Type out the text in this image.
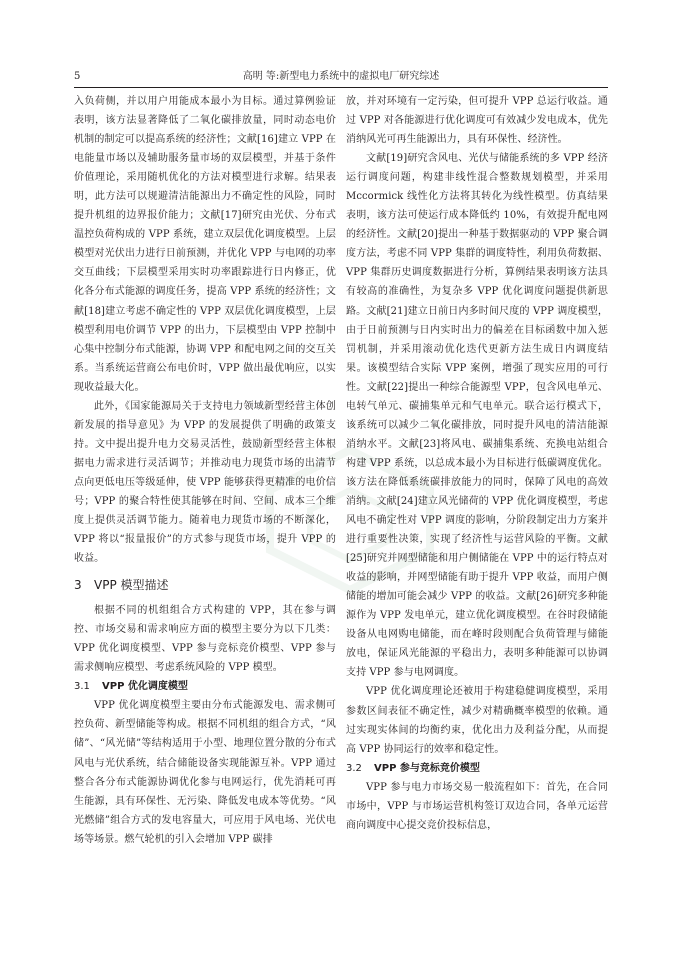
5	高明 等:新型电力系统中的虚拟电厂研究综述

入负荷侧，并以用户用能成本最小为目标。通过算例验证表明，该方法显著降低了二氧化碳排放量，同时动态电价机制的制定可以提高系统的经济性；文献[16]建立 VPP 在电能量市场以及辅助服务量市场的双层模型，并基于条件价值理论，采用随机优化的方法对模型进行求解。结果表明，此方法可以规避清洁能源出力不确定性的风险，同时提升机组的边界报价能力；文献[17]研究由光伏、分布式温控负荷构成的 VPP 系统，建立双层优化调度模型。上层模型对光伏出力进行日前预测，并优化 VPP 与电网的功率交互曲线；下层模型采用实时功率跟踪进行日内修正，优化各分布式能源的调度任务，提高 VPP 系统的经济性；文献[18]建立考虑不确定性的 VPP 双层优化调度模型，上层模型利用电价调节 VPP 的出力，下层模型由 VPP 控制中心集中控制分布式能源，协调 VPP 和配电网之间的交互关系。当系统运营商公布电价时，VPP 做出最优响应，以实现收益最大化。

此外，《国家能源局关于支持电力领域新型经营主体创新发展的指导意见》为 VPP 的发展提供了明确的政策支持。文中提出提升电力交易灵活性，鼓励新型经营主体根据电力需求进行灵活调节；并推动电力现货市场的出清节点向更低电压等级延伸，使 VPP 能够获得更精准的电价信号；VPP 的聚合特性使其能够在时间、空间、成本三个维度上提供灵活调节能力。随着电力现货市场的不断深化，VPP 将以“报量报价”的方式参与现货市场，提升 VPP 的收益。

3 VPP 模型描述

根据不同的机组组合方式构建的 VPP，其在参与调控、市场交易和需求响应方面的模型主要分为以下几类：VPP 优化调度模型、VPP 参与竞标竞价模型、VPP 参与需求侧响应模型、考虑系统风险的 VPP 模型。

3.1 VPP 优化调度模型

VPP 优化调度模型主要由分布式能源发电、需求侧可控负荷、新型储能等构成。根据不同机组的组合方式，“风储”、“风光储”等结构适用于小型、地理位置分散的分布式风电与光伏系统，结合储能设备实现能源互补。VPP 通过整合各分布式能源协调优化参与电网运行，优先消耗可再生能源，具有环保性、无污染、降低发电成本等优势。“风光燃储”组合方式的发电容量大，可应用于风电场、光伏电场等场景。燃气轮机的引入会增加 VPP 碳排

放，并对环境有一定污染，但可提升 VPP 总运行收益。通过 VPP 对各能源进行优化调度可有效减少发电成本，优先消纳风光可再生能源出力，具有环保性、经济性。

文献[19]研究含风电、光伏与储能系统的多 VPP 经济运行调度问题，构建非线性混合整数规划模型，并采用 Mccormick 线性化方法将其转化为线性模型。仿真结果表明，该方法可使运行成本降低约 10%，有效提升配电网的经济性。文献[20]提出一种基于数据驱动的 VPP 聚合调度方法，考虑不同 VPP 集群的调度特性，利用负荷数据、VPP 集群历史调度数据进行分析，算例结果表明该方法具有较高的准确性，为复杂多 VPP 优化调度问题提供新思路。文献[21]建立日前日内多时间尺度的 VPP 调度模型，由于日前预测与日内实时出力的偏差在目标函数中加入惩罚机制，并采用滚动优化迭代更新方法生成日内调度结果。该模型结合实际 VPP 案例，增强了现实应用的可行性。文献[22]提出一种综合能源型 VPP，包含风电单元、电转气单元、碳捕集单元和气电单元。联合运行模式下，该系统可以减少二氧化碳排放，同时提升风电的清洁能源消纳水平。文献[23]将风电、碳捕集系统、充换电站组合构建 VPP 系统，以总成本最小为目标进行低碳调度优化。该方法在降低系统碳排放能力的同时，保障了风电的高效消纳。文献[24]建立风光储荷的 VPP 优化调度模型，考虑风电不确定性对 VPP 调度的影响，分阶段制定出力方案并进行重要性决策，实现了经济性与运营风险的平衡。文献[25]研究并网型储能和用户侧储能在 VPP 中的运行特点对收益的影响，并网型储能有助于提升 VPP 收益，而用户侧储能的增加可能会减少 VPP 的收益。文献[26]研究多种能源作为 VPP 发电单元，建立优化调度模型。在谷时段储能设备从电网购电储能，而在峰时段则配合负荷管理与储能放电，保证风光能源的平稳出力，表明多种能源可以协调支持 VPP 参与电网调度。

VPP 优化调度理论还被用于构建稳健调度模型，采用参数区间表征不确定性，减少对精确概率模型的依赖。通过实现实体间的均衡约束，优化出力及利益分配，从而提高 VPP 协同运行的效率和稳定性。

3.2 VPP 参与竞标竞价模型

VPP 参与电力市场交易一般流程如下：首先，在合同市场中，VPP 与市场运营机构签订双边合同，各单元运营商向调度中心提交竞价投标信息，
